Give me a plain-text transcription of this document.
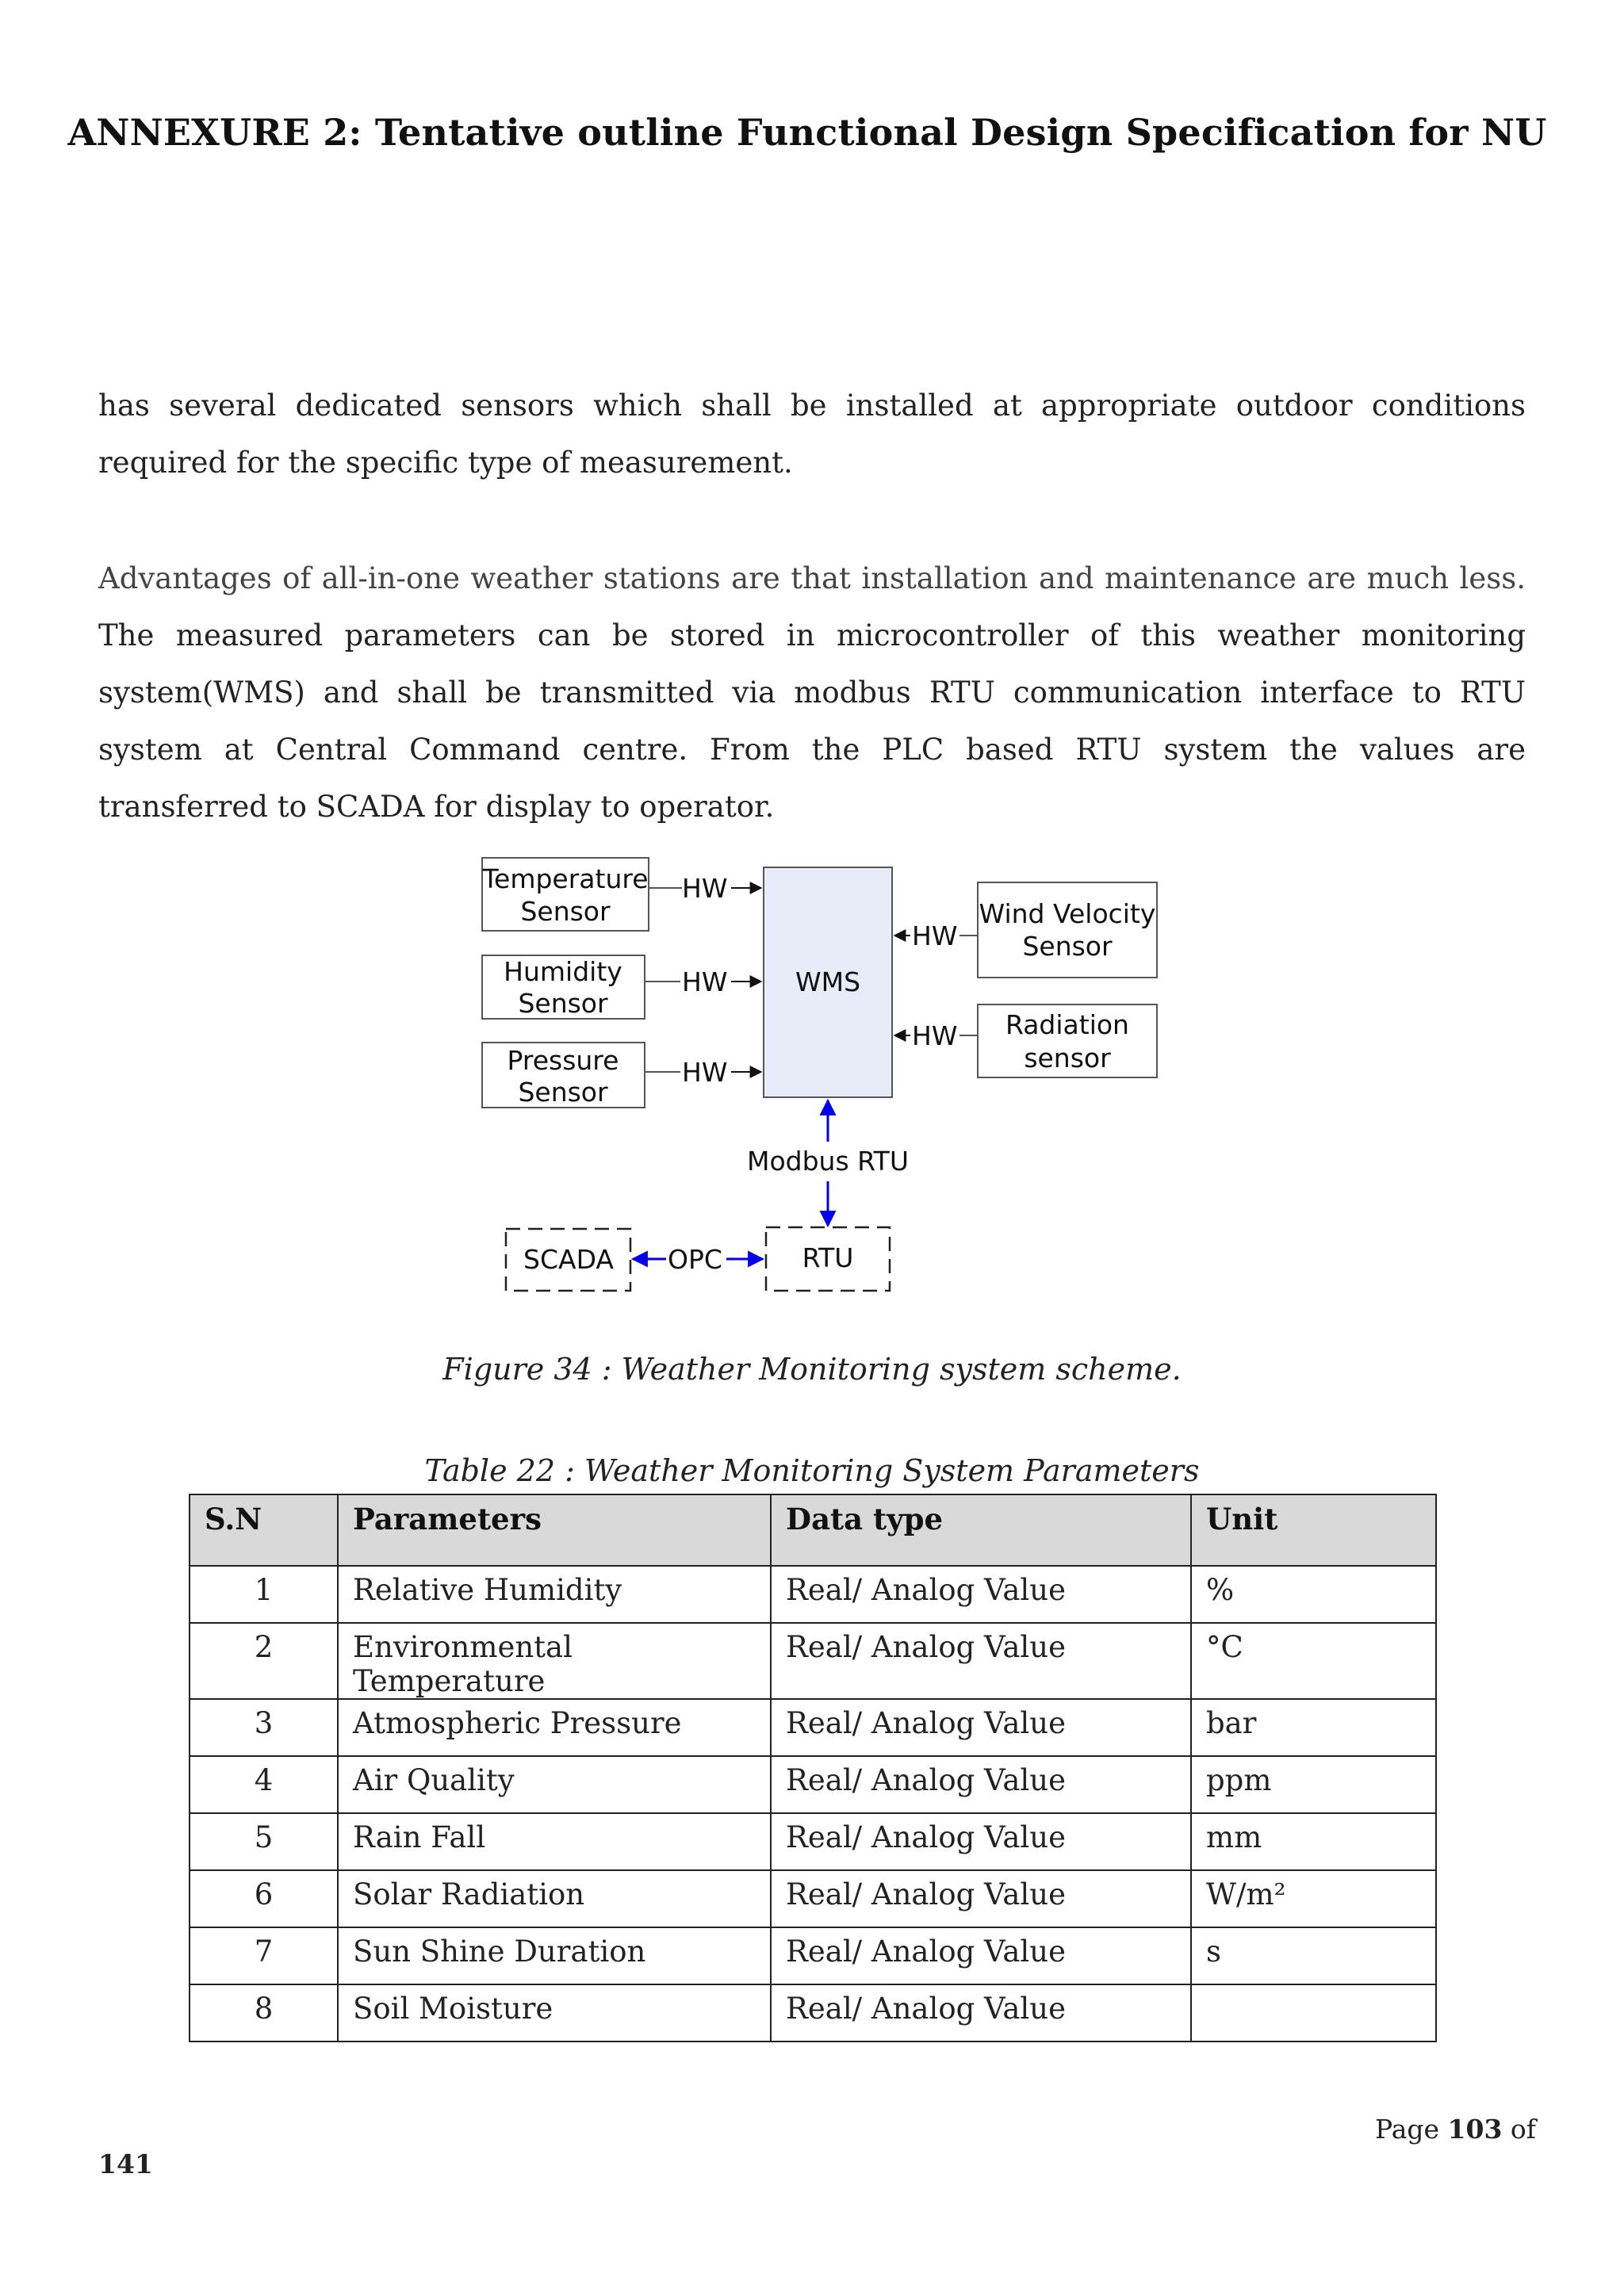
ANNEXURE 2: Tentative outline Functional Design Specification for NU
has several dedicated sensors which shall be installed at appropriate outdoor conditions required for the specific type of measurement.
Advantages of all-in-one weather stations are that installation and maintenance are much less. The measured parameters can be stored in microcontroller of this weather monitoring system(WMS) and shall be transmitted via modbus RTU communication interface to RTU system at Central Command centre. From the PLC based RTU system the values are transferred to SCADA for display to operator.
Temperature
Sensor
Humidity
Sensor
Pressure
Sensor
WMS
Wind Velocity
Sensor
Radiation
sensor
HW
HW
HW
HW
HW
Modbus RTU
SCADA OPC	RTU
Figure 34 : Weather Monitoring system scheme.
Table 22 : Weather Monitoring System Parameters
S.N	Parameters	Data type	Unit
1	Relative Humidity	Real/ Analog Value	%
2	Environmental Temperature	Real/ Analog Value	°C
3	Atmospheric Pressure	Real/ Analog Value	bar
4	Air Quality	Real/ Analog Value	ppm
5	Rain Fall	Real/ Analog Value	mm
6	Solar Radiation	Real/ Analog Value	W/m²
7	Sun Shine Duration	Real/ Analog Value	s
8	Soil Moisture	Real/ Analog Value	
Page 103 of
141
